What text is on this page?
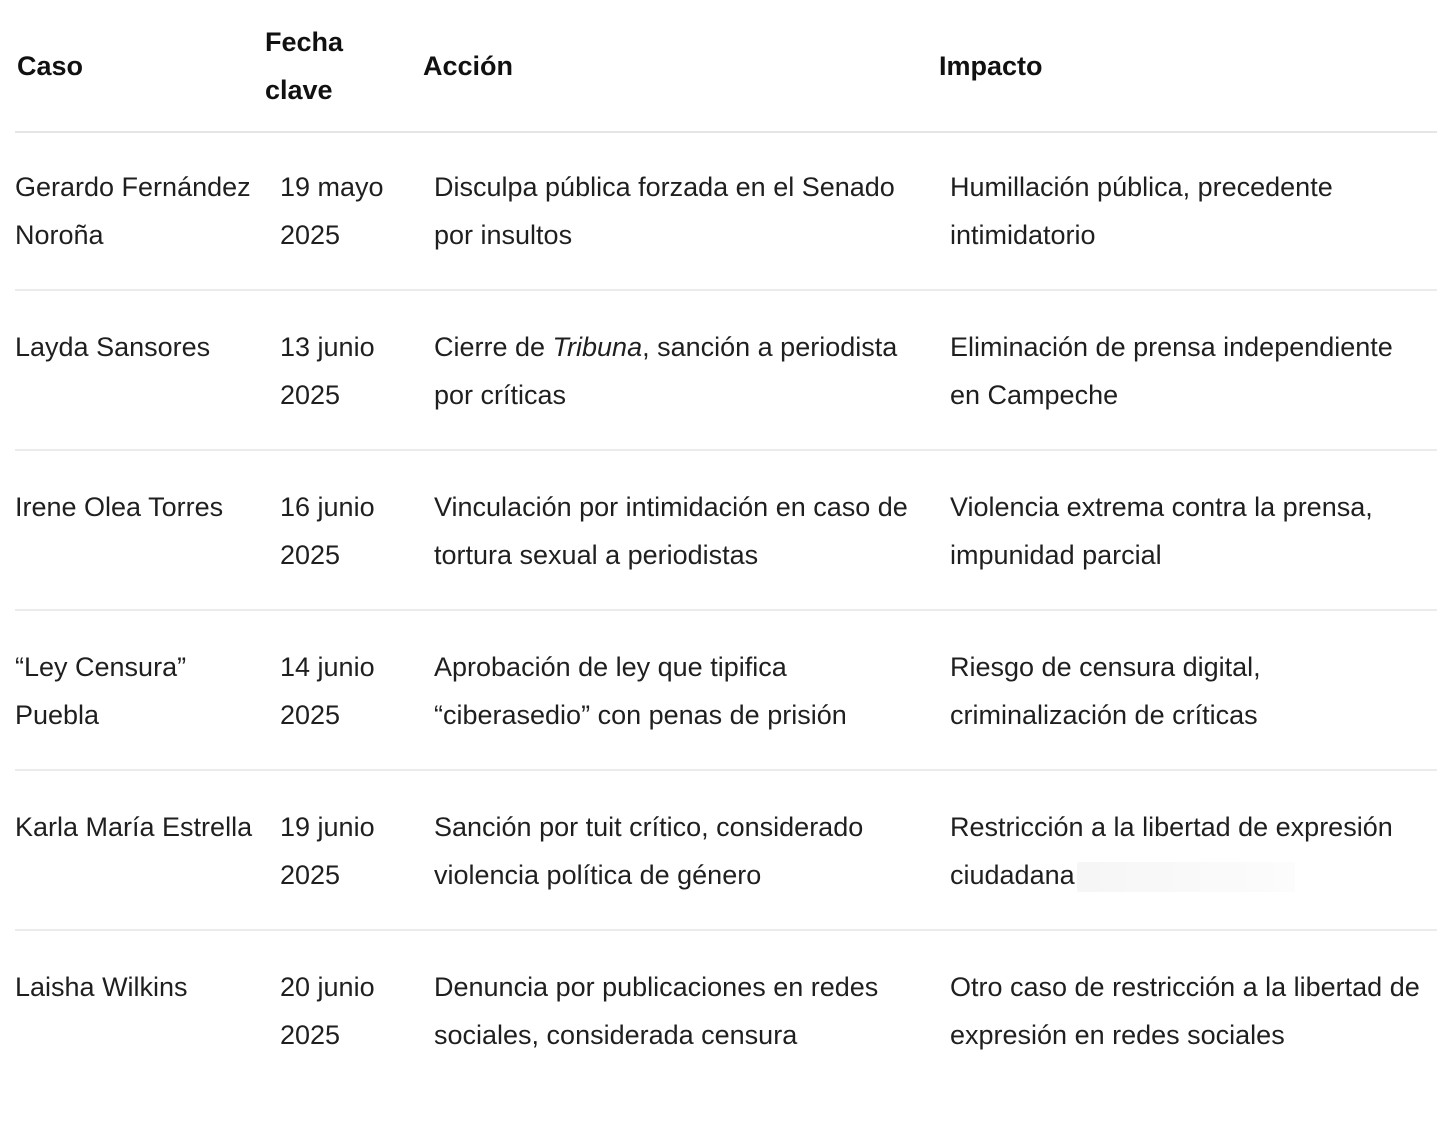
Caso	Fecha clave	Acción	Impacto
Gerardo Fernández Noroña	19 mayo 2025	Disculpa pública forzada en el Senado por insultos	Humillación pública, precedente intimidatorio
Layda Sansores	13 junio 2025	Cierre de Tribuna, sanción a periodista por críticas	Eliminación de prensa independiente en Campeche
Irene Olea Torres	16 junio 2025	Vinculación por intimidación en caso de tortura sexual a periodistas	Violencia extrema contra la prensa, impunidad parcial
“Ley Censura” Puebla	14 junio 2025	Aprobación de ley que tipifica “ciberasedio” con penas de prisión	Riesgo de censura digital, criminalización de críticas
Karla María Estrella	19 junio 2025	Sanción por tuit crítico, considerado violencia política de género	Restricción a la libertad de expresión ciudadana
Laisha Wilkins	20 junio 2025	Denuncia por publicaciones en redes sociales, considerada censura	Otro caso de restricción a la libertad de expresión en redes sociales
